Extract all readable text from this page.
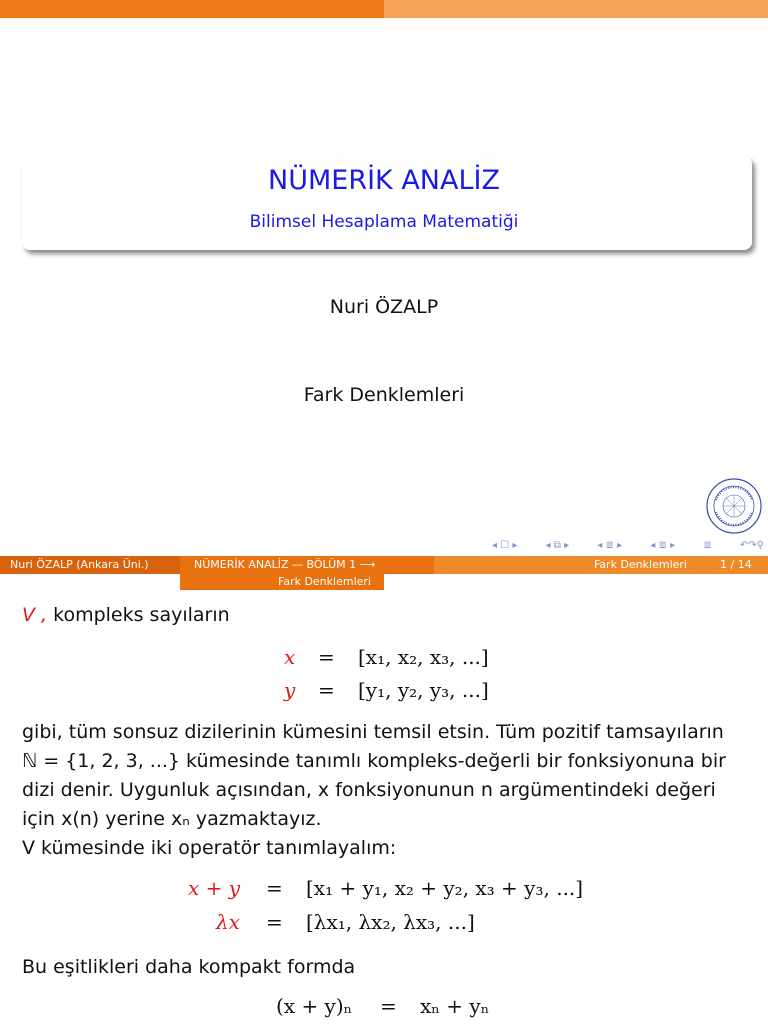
NÜMERİK ANALİZ
Bilimsel Hesaplama Matematiği
Nuri ÖZALP
Fark Denklemleri
◂ ☐ ▸	◂ ⧉ ▸	◂ ≣ ▸	◂ ≣ ▸	≣	↶↷⚲
Nuri ÖZALP (Ankara Üni.)	NÜMERİK ANALİZ — BÖLÜM 1 ⟶
Fark Denklemleri
Fark Denklemleri	1 / 14
V , kompleks sayıların
x = [x₁, x₂, x₃, ...]
y = [y₁, y₂, y₃, ...]
gibi, tüm sonsuz dizilerinin kümesini temsil etsin. Tüm pozitif tamsayıların
ℕ = {1, 2, 3, ...} kümesinde tanımlı kompleks-değerli bir fonksiyonuna bir
dizi denir. Uygunluk açısından, x fonksiyonunun n argümentindeki değeri
için x(n) yerine xₙ yazmaktayız.
V kümesinde iki operatör tanımlayalım:
x + y = [x₁ + y₁, x₂ + y₂, x₃ + y₃, ...]
λx = [λx₁, λx₂, λx₃, ...]
Bu eşitlikleri daha kompakt formda
(x + y)ₙ = xₙ + yₙ
